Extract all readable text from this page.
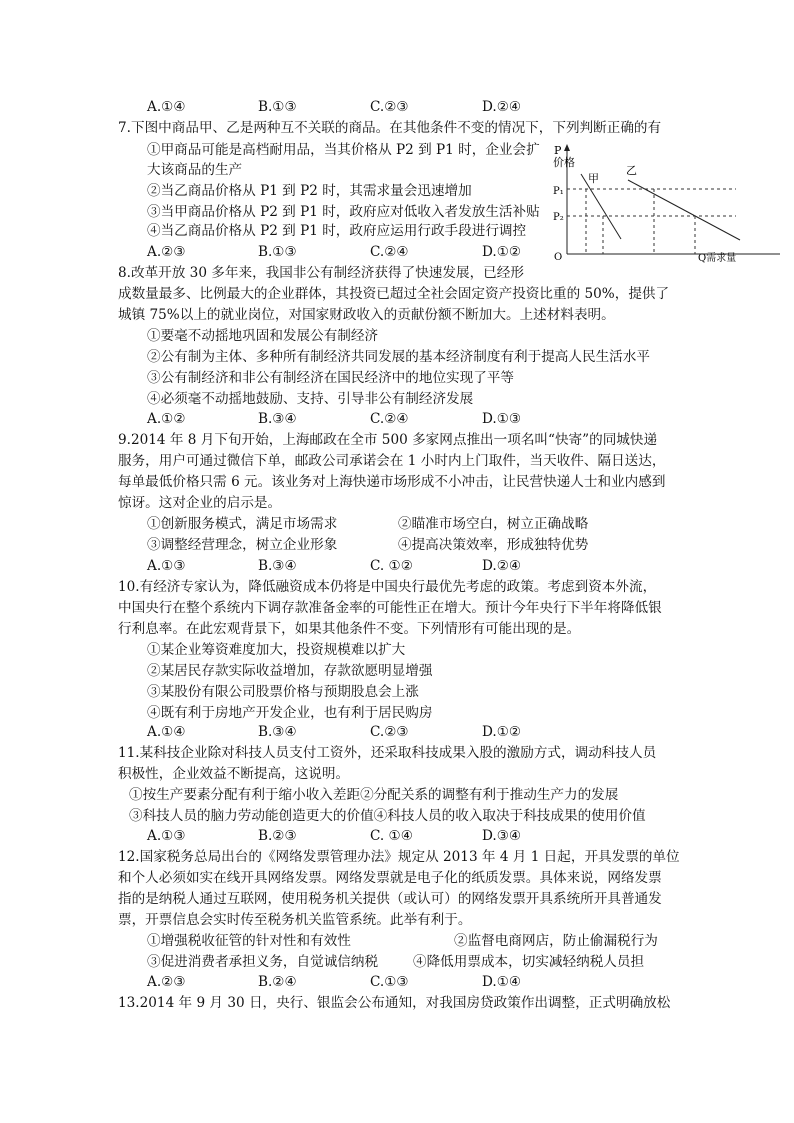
A.①④	B.①③	C.②③	D.②④
7.下图中商品甲、乙是两种互不关联的商品。在其他条件不变的情况下，下列判断正确的有
①甲商品可能是高档耐用品，当其价格从 P2 到 P1 时，企业会扩
大该商品的生产
②当乙商品价格从 P1 到 P2 时，其需求量会迅速增加
③当甲商品价格从 P2 到 P1 时，政府应对低收入者发放生活补贴
④当乙商品价格从 P2 到 P1 时，政府应运用行政手段进行调控
A.②③	B.①③	C.②④	D.①②
P
价格
P₁
P₂
O	Q需求量
甲
乙
8.改革开放 30 多年来，我国非公有制经济获得了快速发展，已经形
成数量最多、比例最大的企业群体，其投资已超过全社会固定资产投资比重的 50%，提供了
城镇 75%以上的就业岗位，对国家财政收入的贡献份额不断加大。上述材料表明。
①要毫不动摇地巩固和发展公有制经济
②公有制为主体、多种所有制经济共同发展的基本经济制度有利于提高人民生活水平
③公有制经济和非公有制经济在国民经济中的地位实现了平等
④必须毫不动摇地鼓励、支持、引导非公有制经济发展
A.①②	B.③④	C.②④	D.①③
9.2014 年 8 月下旬开始，上海邮政在全市 500 多家网点推出一项名叫“快寄”的同城快递
服务，用户可通过微信下单，邮政公司承诺会在 1 小时内上门取件，当天收件、隔日送达，
每单最低价格只需 6 元。该业务对上海快递市场形成不小冲击，让民营快递人士和业内感到
惊讶。这对企业的启示是。
①创新服务模式，满足市场需求	②瞄准市场空白，树立正确战略
③调整经营理念，树立企业形象	④提高决策效率，形成独特优势
A.①③	B.③④	C. ①②	D.②④
10.有经济专家认为，降低融资成本仍将是中国央行最优先考虑的政策。考虑到资本外流，
中国央行在整个系统内下调存款准备金率的可能性正在增大。预计今年央行下半年将降低银
行利息率。在此宏观背景下，如果其他条件不变。下列情形有可能出现的是。
①某企业筹资难度加大，投资规模难以扩大
②某居民存款实际收益增加，存款欲愿明显增强
③某股份有限公司股票价格与预期股息会上涨
④既有利于房地产开发企业，也有利于居民购房
A.①④	B.③④	C.②③	D.①②
11.某科技企业除对科技人员支付工资外，还采取科技成果入股的激励方式，调动科技人员
积极性，企业效益不断提高，这说明。
①按生产要素分配有利于缩小收入差距②分配关系的调整有利于推动生产力的发展
③科技人员的脑力劳动能创造更大的价值④科技人员的收入取决于科技成果的使用价值
A.①③	B.②③	C. ①④	D.③④
12.国家税务总局出台的《网络发票管理办法》规定从 2013 年 4 月 1 日起，开具发票的单位
和个人必须如实在线开具网络发票。网络发票就是电子化的纸质发票。具体来说，网络发票
指的是纳税人通过互联网，使用税务机关提供（或认可）的网络发票开具系统所开具普通发
票，开票信息会实时传至税务机关监管系统。此举有利于。
①增强税收征管的针对性和有效性	②监督电商网店，防止偷漏税行为
③促进消费者承担义务，自觉诚信纳税	④降低用票成本，切实减轻纳税人员担
A.②③	B.②④	C.①③	D.①④
13.2014 年 9 月 30 日，央行、银监会公布通知，对我国房贷政策作出调整，正式明确放松
